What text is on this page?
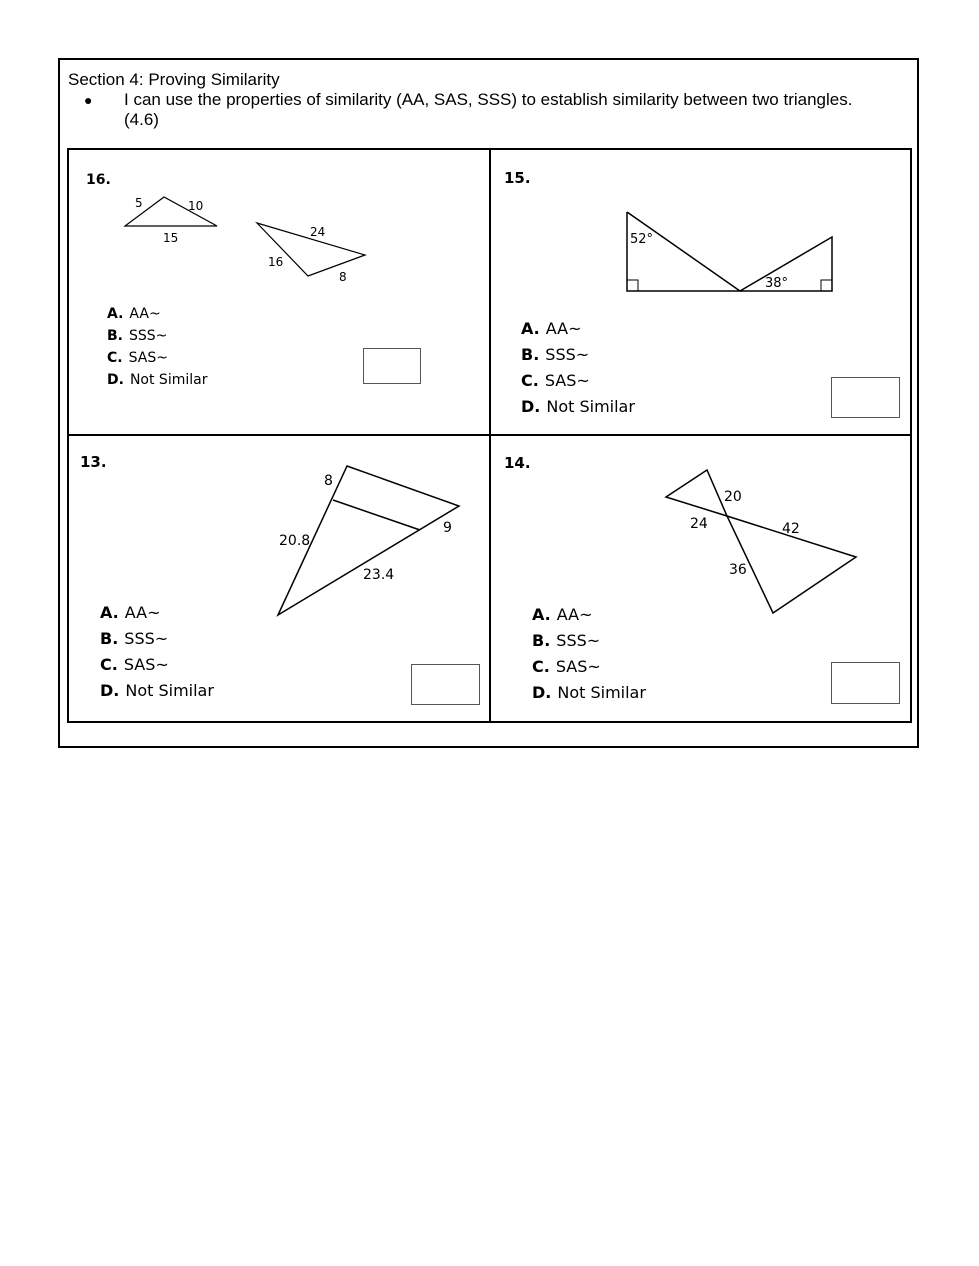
Section 4: Proving Similarity
● I can use the properties of similarity (AA, SAS, SSS) to establish similarity between two triangles. (4.6)
16.
5	10
15	24
16
8
A. AA~
B. SSS~
C. SAS~
D. Not Similar
15.
52°
38°
A. AA~
B. SSS~
C. SAS~
D. Not Similar
13.
8
9
20.8
23.4
A. AA~
B. SSS~
C. SAS~
D. Not Similar
14.
20
24	42
36
A. AA~
B. SSS~
C. SAS~
D. Not Similar
